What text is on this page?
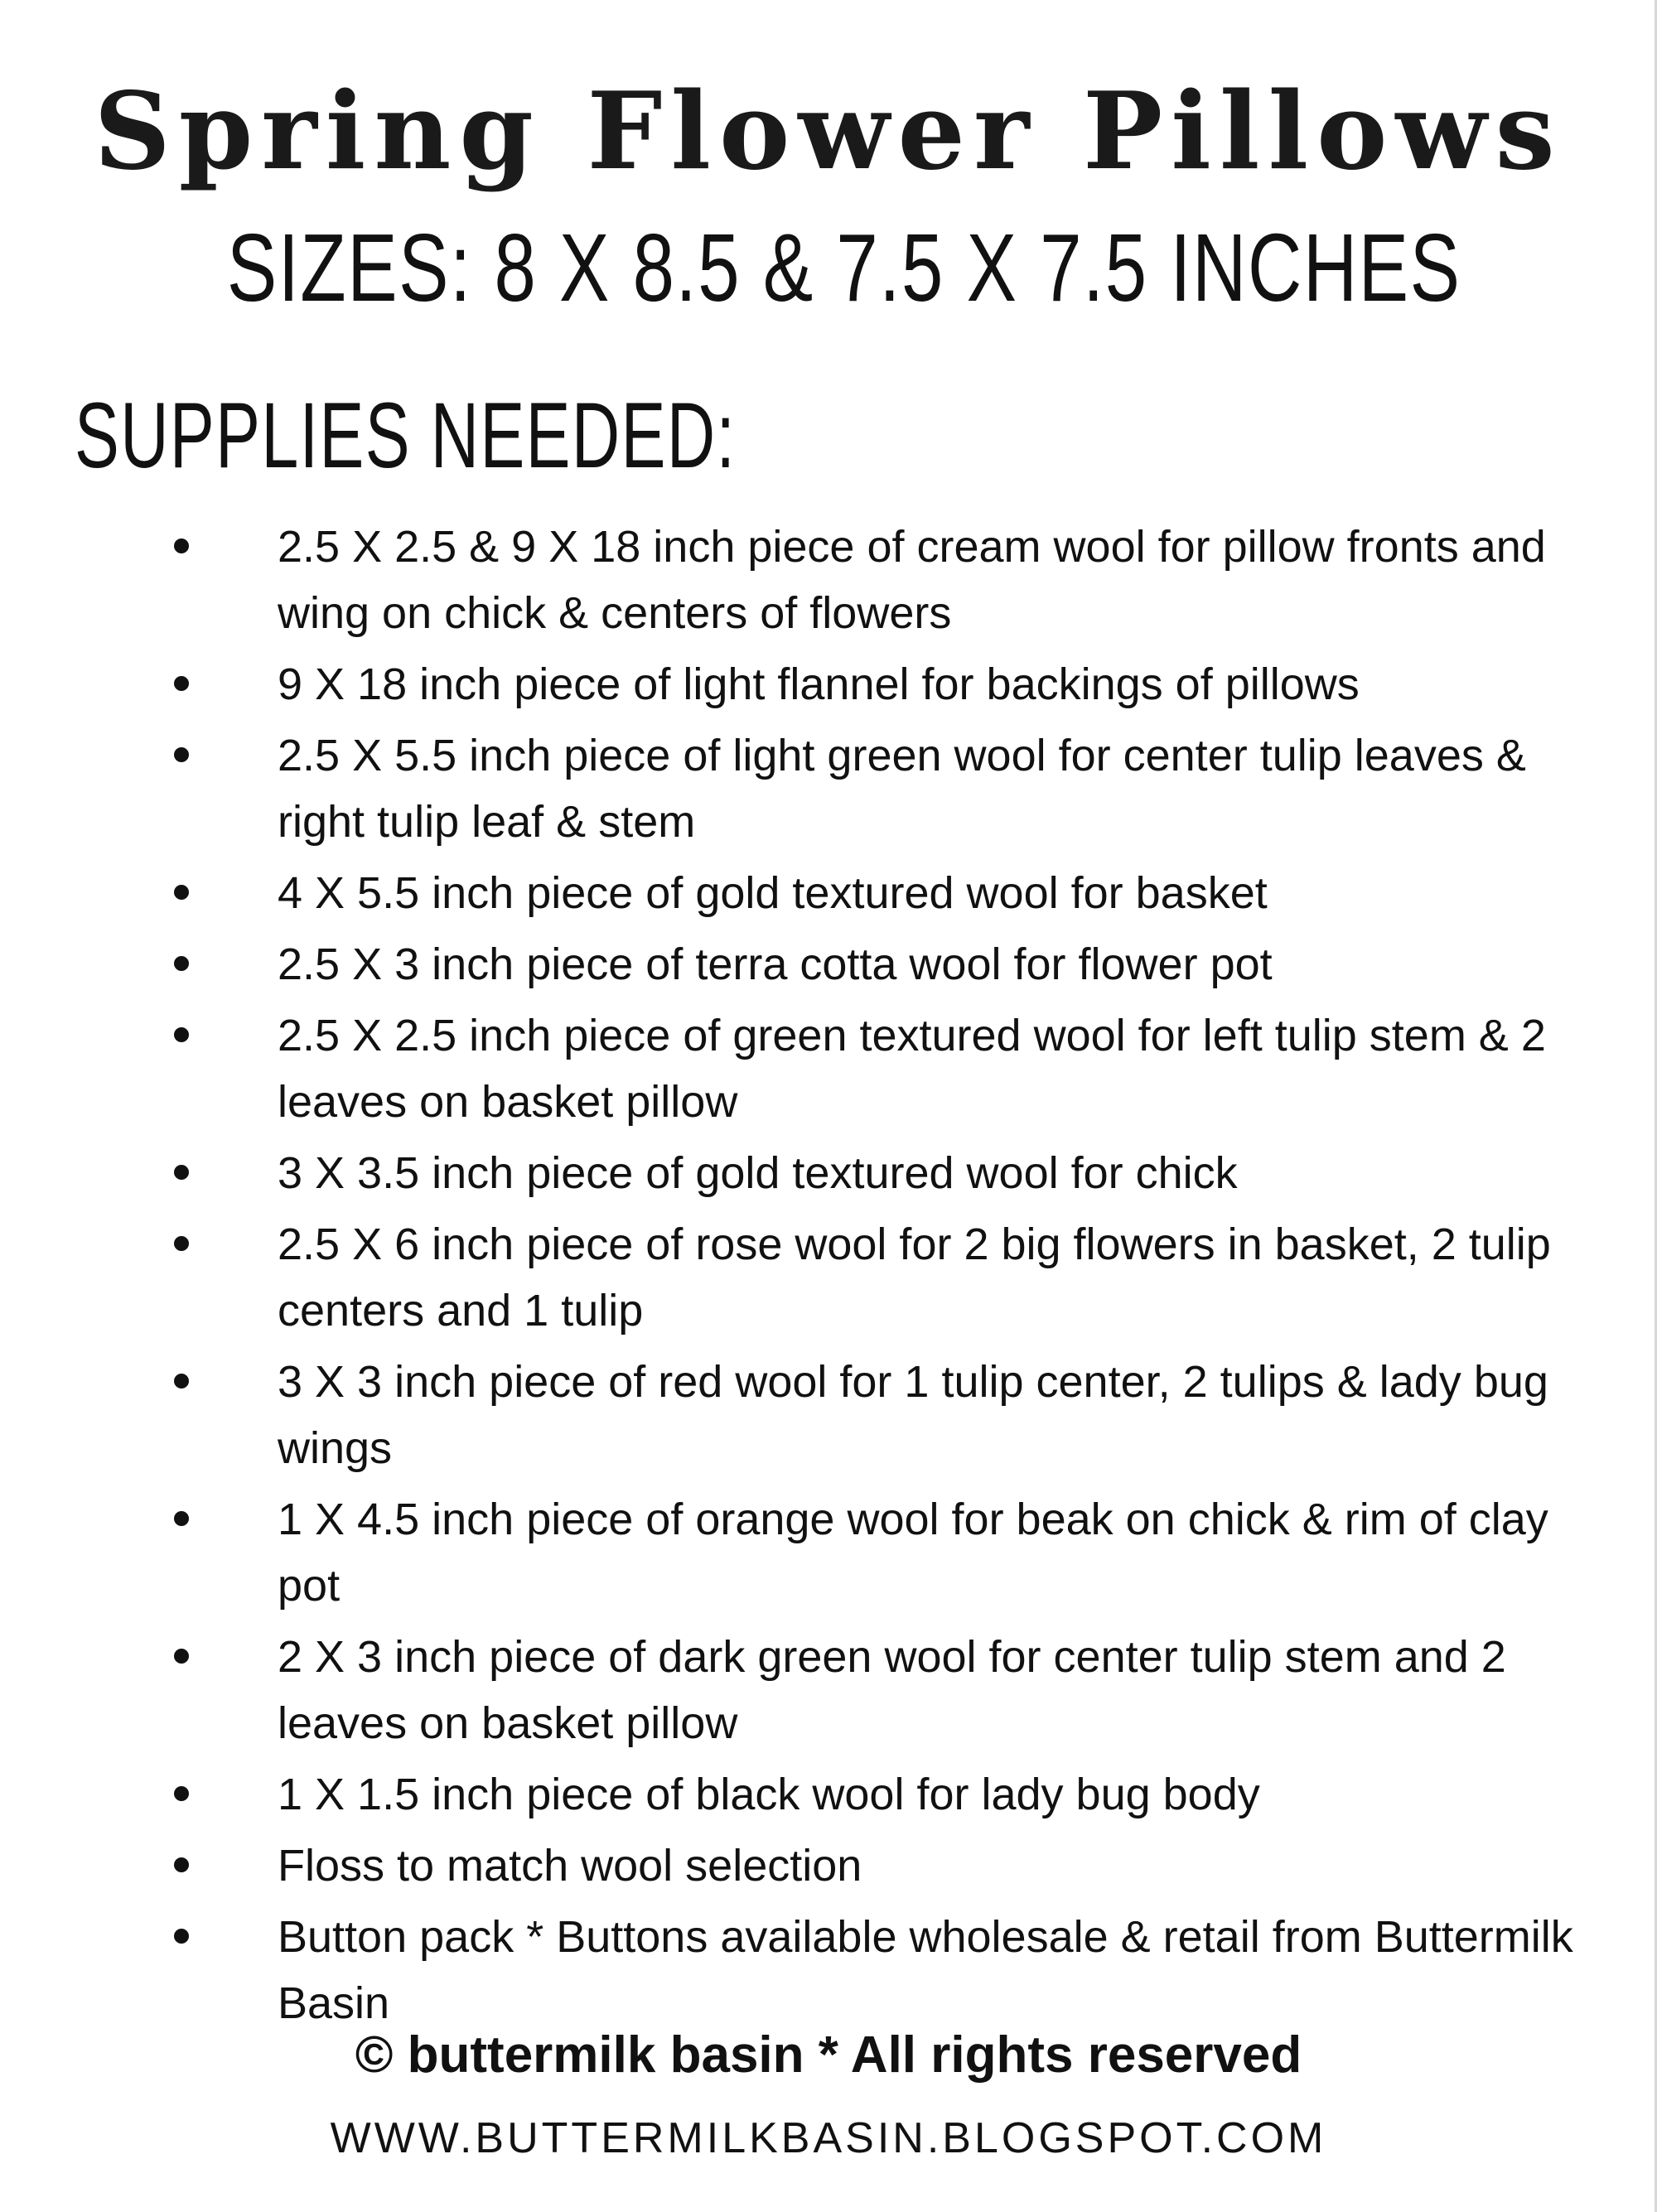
Spring Flower Pillows
SIZES: 8 X 8.5 & 7.5 X 7.5 INCHES
SUPPLIES NEEDED:
2.5 X 2.5 & 9 X 18 inch piece of cream wool for pillow fronts and wing on chick & centers of flowers
9 X 18 inch piece of light flannel for backings of pillows
2.5 X 5.5 inch piece of light green wool for center tulip leaves & right tulip leaf & stem
4 X 5.5 inch piece of gold textured wool for basket
2.5 X 3 inch piece of terra cotta wool for flower pot
2.5 X 2.5 inch piece of green textured wool for left tulip stem & 2 leaves on basket pillow
3 X 3.5 inch piece of gold textured wool for chick
2.5 X 6 inch piece of rose wool for 2 big flowers in basket, 2 tulip centers and 1 tulip
3 X 3 inch piece of red wool for 1 tulip center, 2 tulips & lady bug wings
1 X 4.5 inch piece of orange wool for beak on chick & rim of clay pot
2 X 3 inch piece of dark green wool for center tulip stem and 2 leaves on basket pillow
1 X 1.5 inch piece of black wool for lady bug body
Floss to match wool selection
Button pack * Buttons available wholesale & retail from Buttermilk Basin
© buttermilk basin * All rights reserved
WWW.BUTTERMILKBASIN.BLOGSPOT.COM
